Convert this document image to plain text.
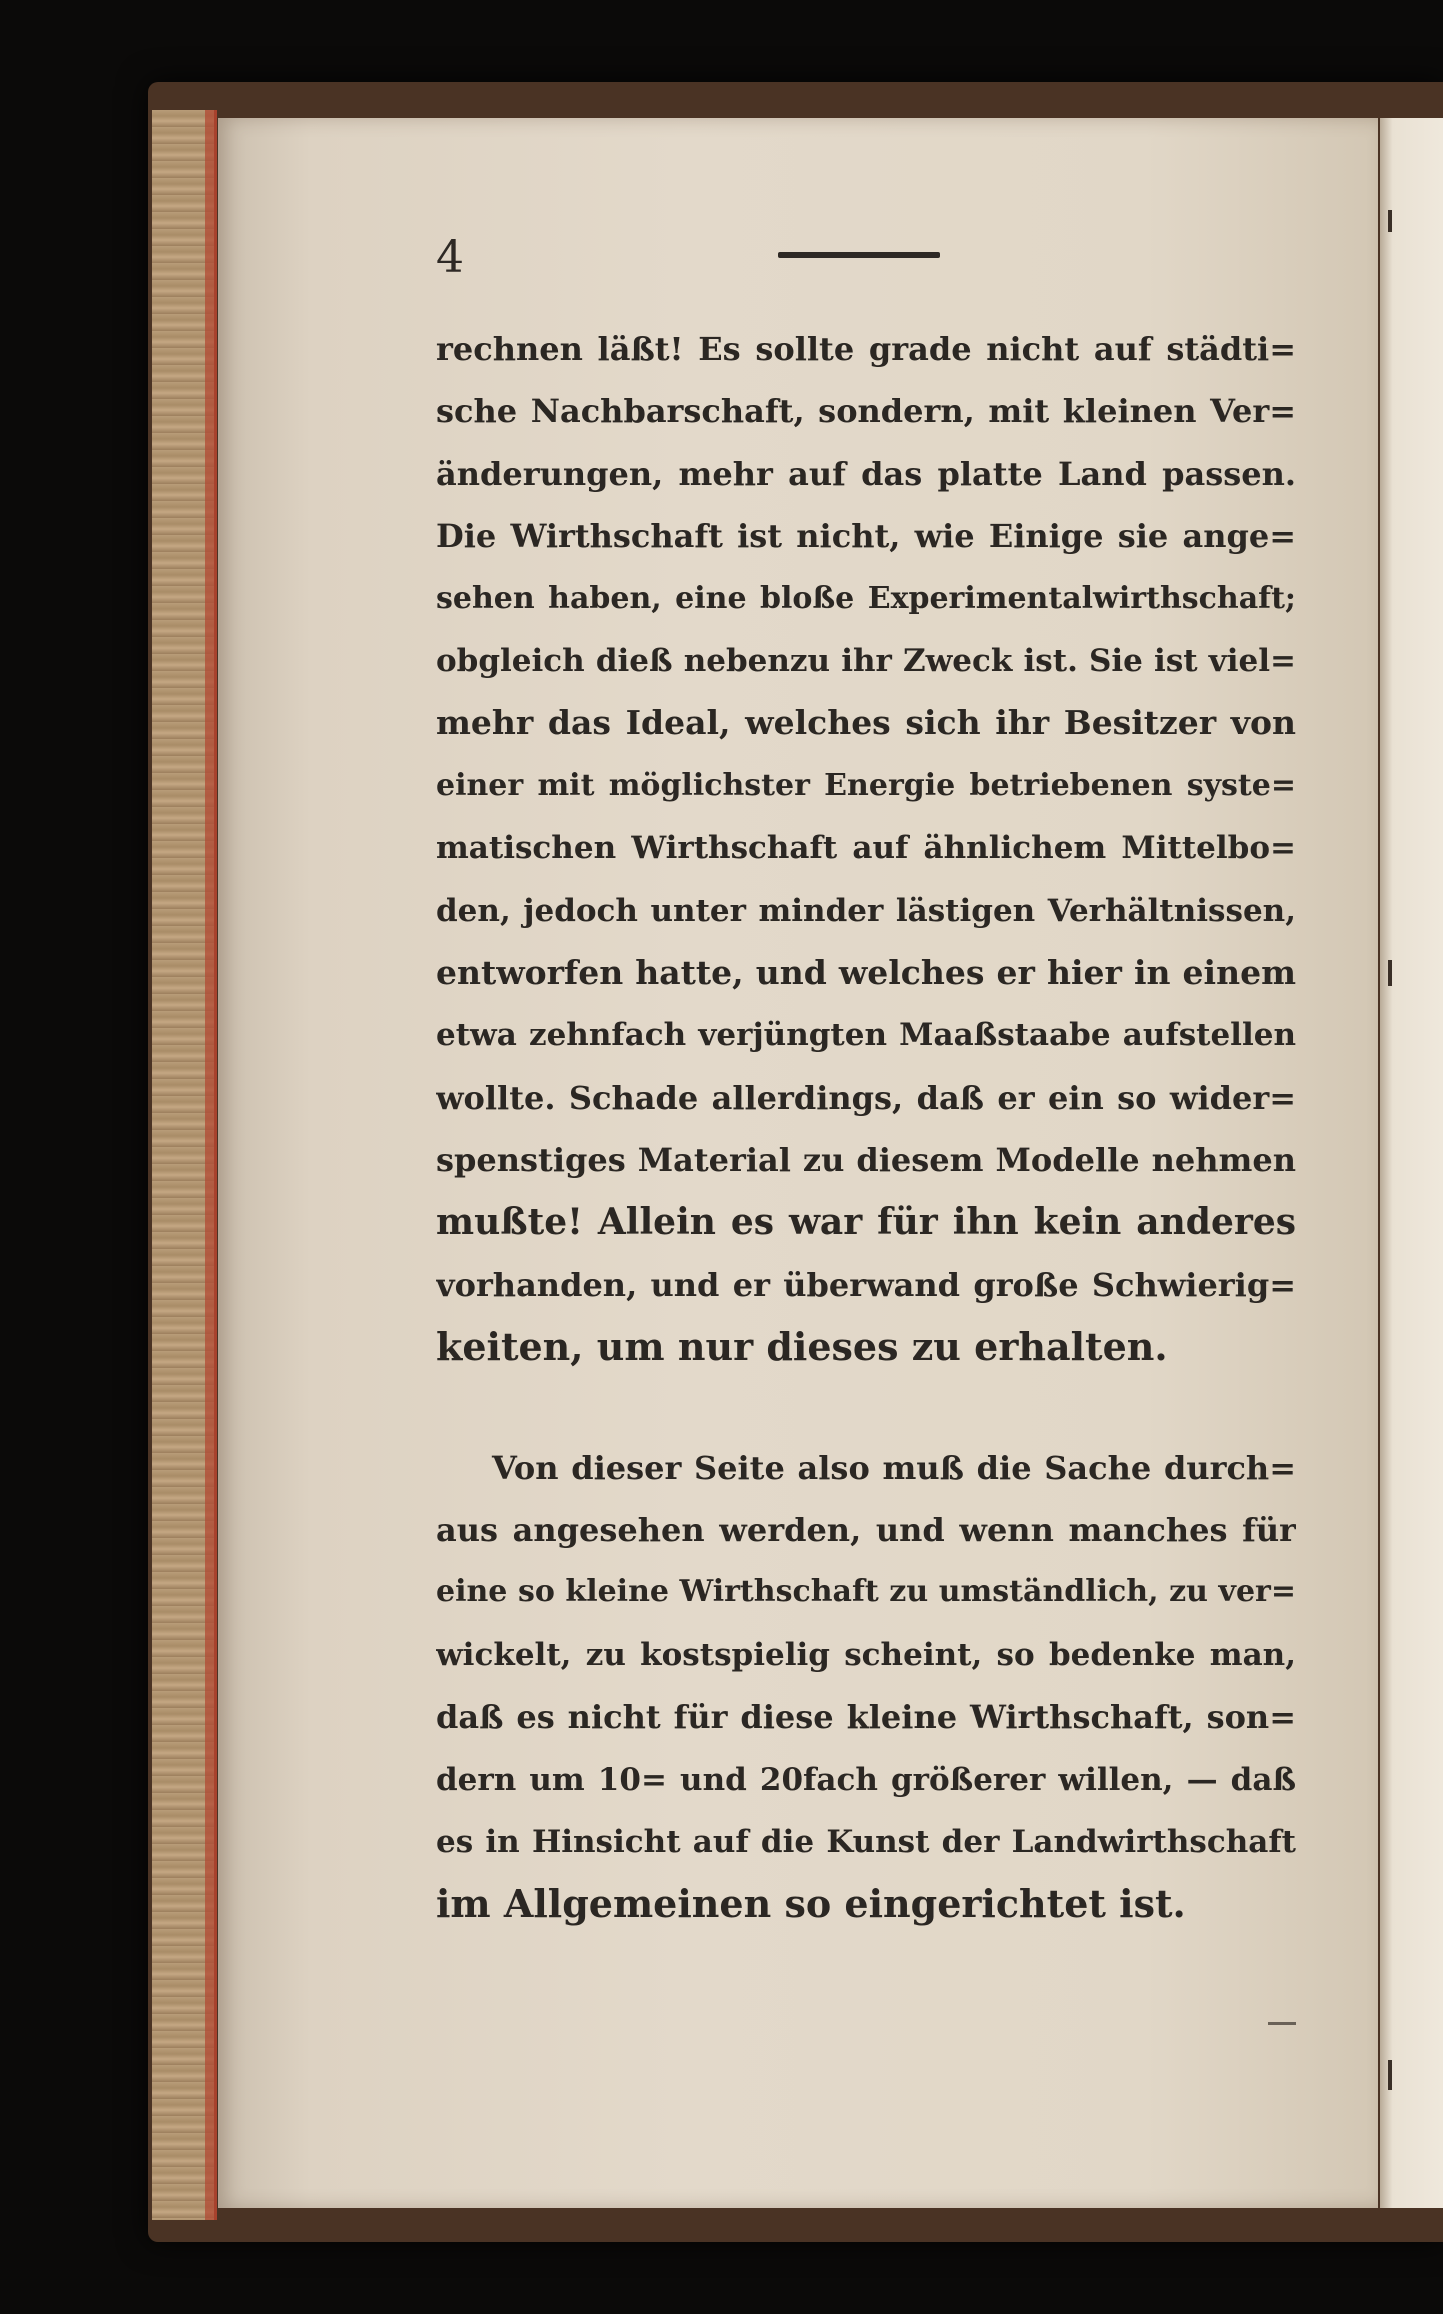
4
rechnen läßt! Es sollte grade nicht auf städti=
sche Nachbarschaft, sondern, mit kleinen Ver=
änderungen, mehr auf das platte Land passen.
Die Wirthschaft ist nicht, wie Einige sie ange=
sehen haben, eine bloße Experimentalwirthschaft;
obgleich dieß nebenzu ihr Zweck ist. Sie ist viel=
mehr das Ideal, welches sich ihr Besitzer von
einer mit möglichster Energie betriebenen syste=
matischen Wirthschaft auf ähnlichem Mittelbo=
den, jedoch unter minder lästigen Verhältnissen,
entworfen hatte, und welches er hier in einem
etwa zehnfach verjüngten Maaßstaabe aufstellen
wollte. Schade allerdings, daß er ein so wider=
spenstiges Material zu diesem Modelle nehmen
mußte! Allein es war für ihn kein anderes
vorhanden, und er überwand große Schwierig=
keiten, um nur dieses zu erhalten.
Von dieser Seite also muß die Sache durch=
aus angesehen werden, und wenn manches für
eine so kleine Wirthschaft zu umständlich, zu ver=
wickelt, zu kostspielig scheint, so bedenke man,
daß es nicht für diese kleine Wirthschaft, son=
dern um 10= und 20fach größerer willen, — daß
es in Hinsicht auf die Kunst der Landwirthschaft
im Allgemeinen so eingerichtet ist.
